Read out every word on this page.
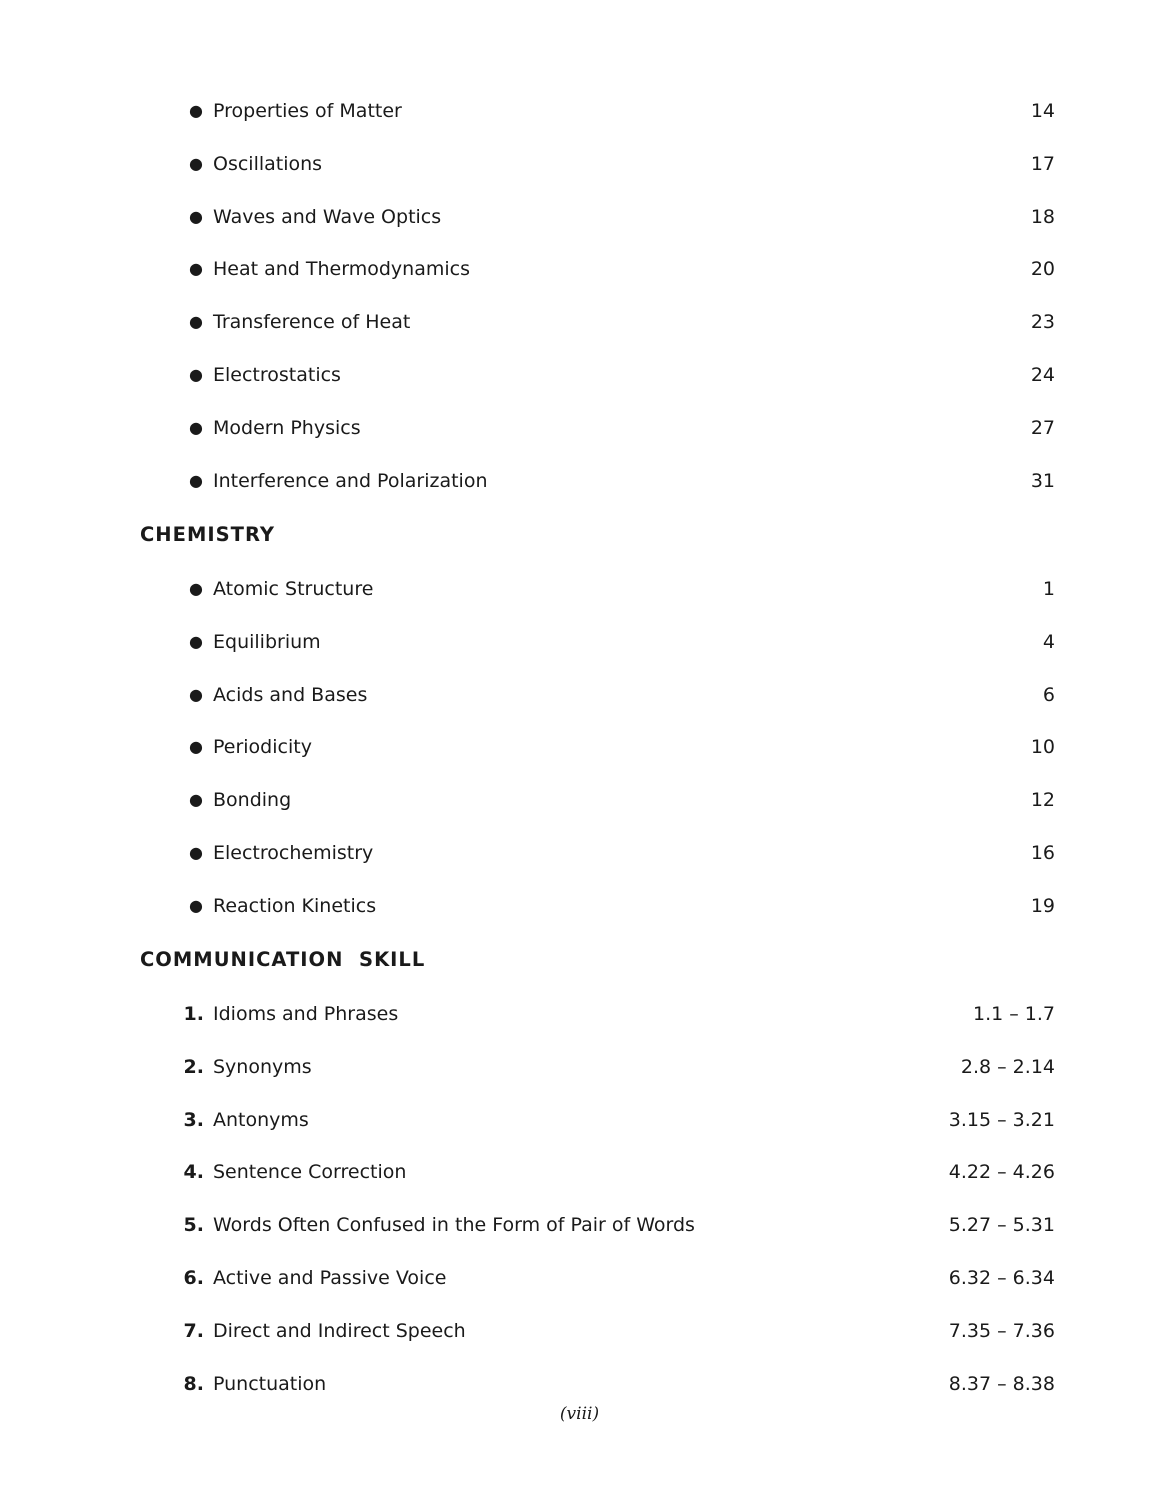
● Properties of Matter	14
● Oscillations	17
● Waves and Wave Optics	18
● Heat and Thermodynamics	20
● Transference of Heat	23
● Electrostatics	24
● Modern Physics	27
● Interference and Polarization	31
CHEMISTRY
● Atomic Structure	1
● Equilibrium	4
● Acids and Bases	6
● Periodicity	10
● Bonding	12
● Electrochemistry	16
● Reaction Kinetics	19
COMMUNICATION  SKILL
1. Idioms and Phrases	1.1 – 1.7
2. Synonyms	2.8 – 2.14
3. Antonyms	3.15 – 3.21
4. Sentence Correction	4.22 – 4.26
5. Words Often Confused in the Form of Pair of Words	5.27 – 5.31
6. Active and Passive Voice	6.32 – 6.34
7. Direct and Indirect Speech	7.35 – 7.36
8. Punctuation	8.37 – 8.38
(viii)
